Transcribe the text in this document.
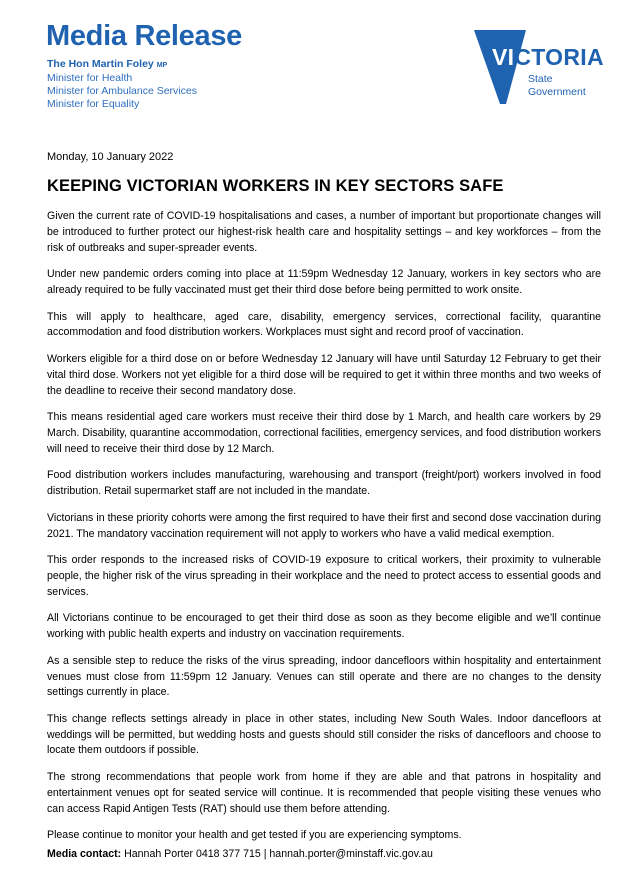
Media Release

The Hon Martin Foley MP

Minister for Health

Minister for Ambulance Services

Minister for Equality

VICTORIA
State
Government

Monday, 10 January 2022

KEEPING VICTORIAN WORKERS IN KEY SECTORS SAFE

Given the current rate of COVID-19 hospitalisations and cases, a number of important but proportionate changes will be introduced to further protect our highest-risk health care and hospitality settings – and key workforces – from the risk of outbreaks and super-spreader events.

Under new pandemic orders coming into place at 11:59pm Wednesday 12 January, workers in key sectors who are already required to be fully vaccinated must get their third dose before being permitted to work onsite.

This will apply to healthcare, aged care, disability, emergency services, correctional facility, quarantine accommodation and food distribution workers. Workplaces must sight and record proof of vaccination.

Workers eligible for a third dose on or before Wednesday 12 January will have until Saturday 12 February to get their vital third dose. Workers not yet eligible for a third dose will be required to get it within three months and two weeks of the deadline to receive their second mandatory dose.

This means residential aged care workers must receive their third dose by 1 March, and health care workers by 29 March. Disability, quarantine accommodation, correctional facilities, emergency services, and food distribution workers will need to receive their third dose by 12 March.

Food distribution workers includes manufacturing, warehousing and transport (freight/port) workers involved in food distribution. Retail supermarket staff are not included in the mandate.

Victorians in these priority cohorts were among the first required to have their first and second dose vaccination during 2021. The mandatory vaccination requirement will not apply to workers who have a valid medical exemption.

This order responds to the increased risks of COVID-19 exposure to critical workers, their proximity to vulnerable people, the higher risk of the virus spreading in their workplace and the need to protect access to essential goods and services.

All Victorians continue to be encouraged to get their third dose as soon as they become eligible and we’ll continue working with public health experts and industry on vaccination requirements.

As a sensible step to reduce the risks of the virus spreading, indoor dancefloors within hospitality and entertainment venues must close from 11:59pm 12 January. Venues can still operate and there are no changes to the density settings currently in place.

This change reflects settings already in place in other states, including New South Wales. Indoor dancefloors at weddings will be permitted, but wedding hosts and guests should still consider the risks of dancefloors and choose to locate them outdoors if possible.

The strong recommendations that people work from home if they are able and that patrons in hospitality and entertainment venues opt for seated service will continue. It is recommended that people visiting these venues who can access Rapid Antigen Tests (RAT) should use them before attending.

Please continue to monitor your health and get tested if you are experiencing symptoms.

Media contact: Hannah Porter 0418 377 715 | hannah.porter@minstaff.vic.gov.au
